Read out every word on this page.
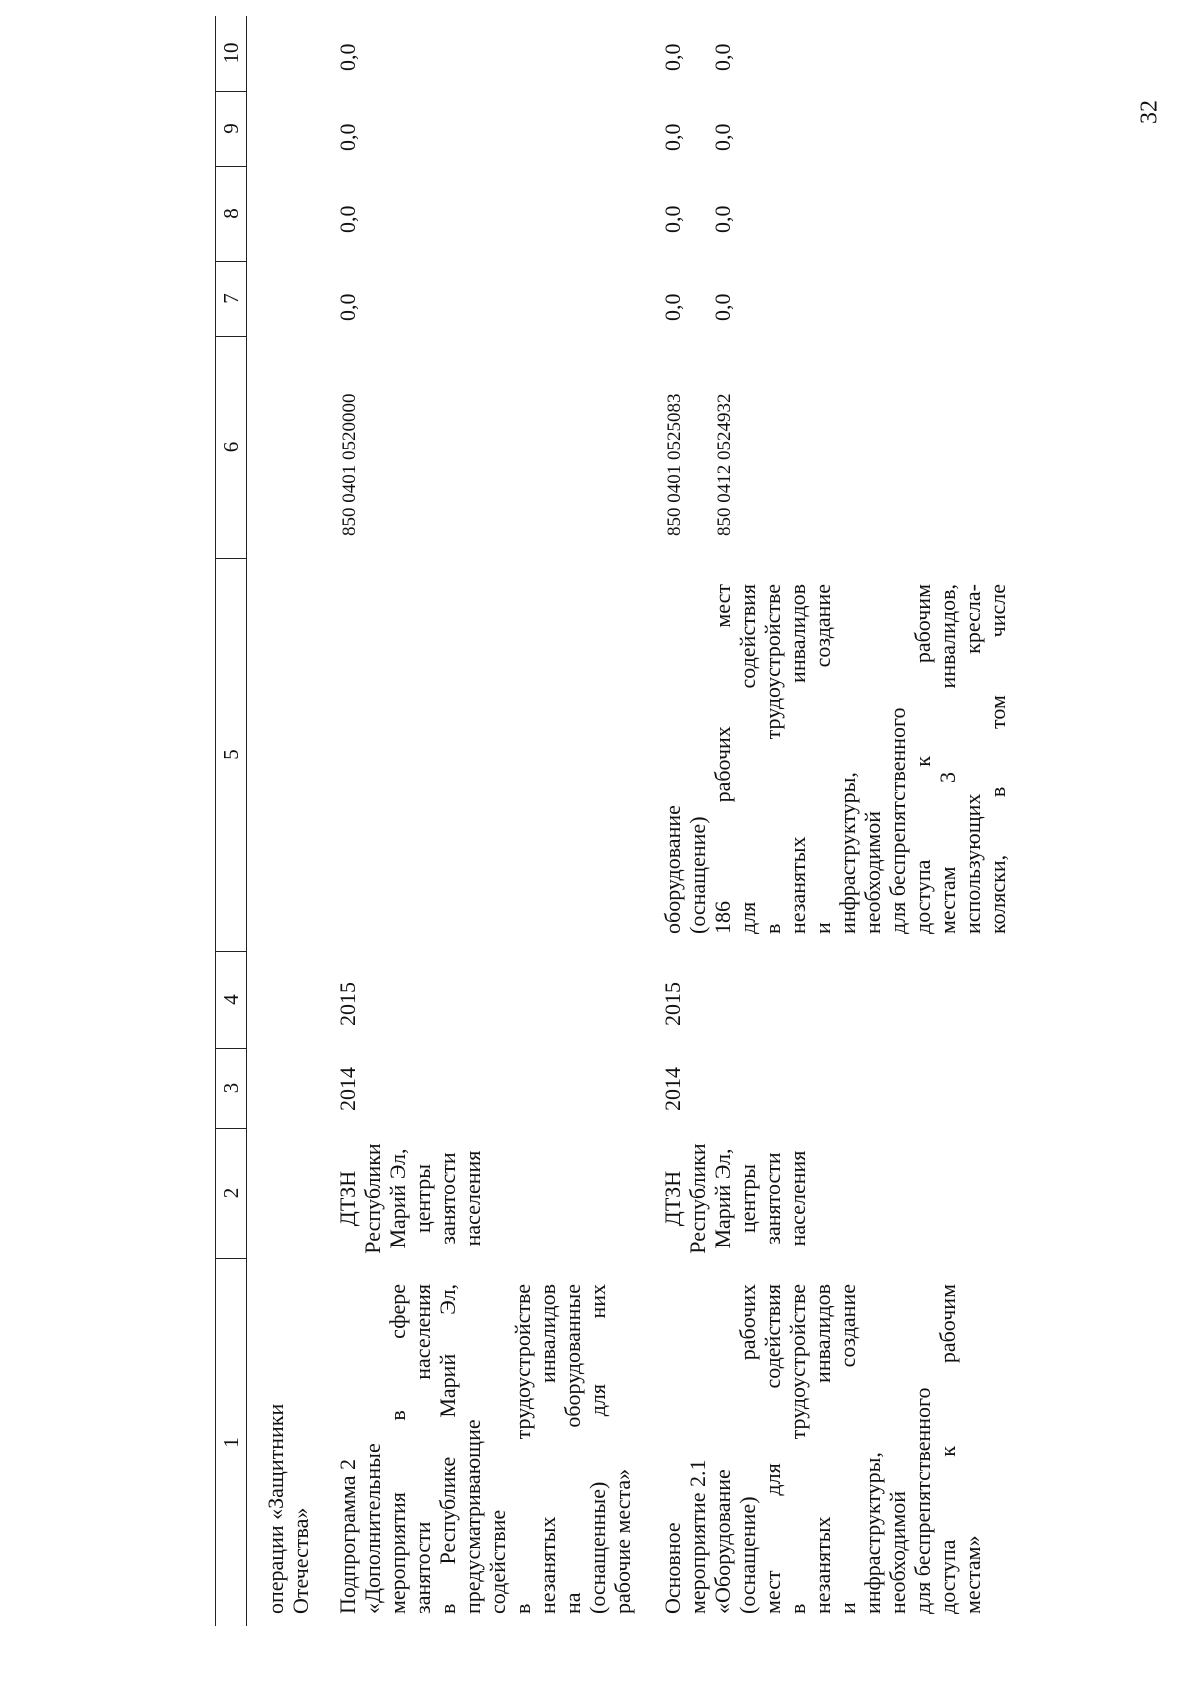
32
1
2
3
4
5
6
7
8
9
10
операции «Защитники Отечества» Подпрограмма 2 «Дополнительные мероприятия в сфере занятости населения в Республике Марий Эл, предусматривающие содействие в трудоустройстве незанятых инвалидов на оборудованные (оснащенные) для них рабочие места»
ДТЗН Республики Марий Эл, центры занятости населения
2014
2015
850 0401 0520000
0,0
0,0
0,0
0,0
Основное мероприятие 2.1 «Оборудование (оснащение) рабочих мест для содействия в трудоустройстве незанятых инвалидов и создание инфраструктуры, необходимой для беспрепятственного доступа к рабочим местам»
ДТЗН Республики Марий Эл, центры занятости населения
2014
2015
оборудование (оснащение) 186 рабочих мест для содействия в трудоустройстве незанятых инвалидов и создание инфраструктуры, необходимой для беспрепятственного доступа к рабочим местам 3 инвалидов, использующих кресла- коляски, в том числе
850 0401 0525083 850 0412 0524932
0,0
0,0
0,0
0,0
0,0
0,0
0,0
0,0
